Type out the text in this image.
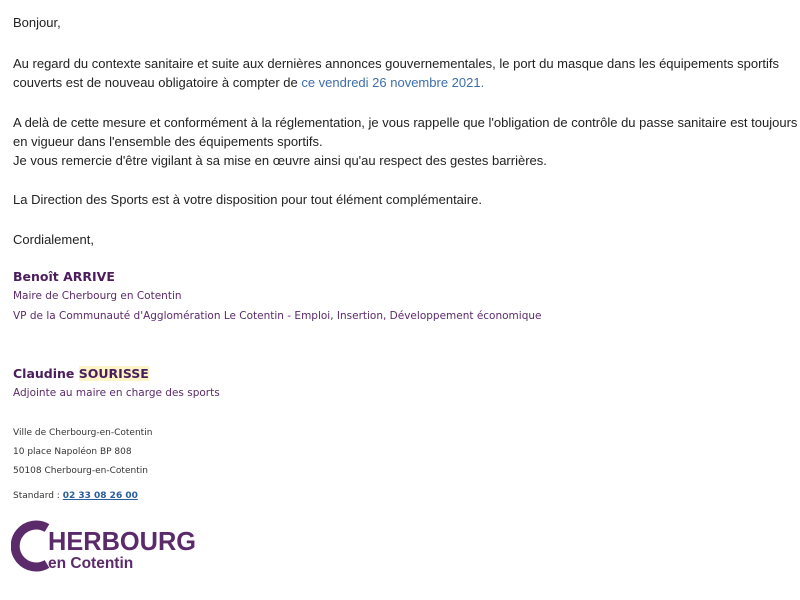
Bonjour,

Au regard du contexte sanitaire et suite aux dernières annonces gouvernementales, le port du masque dans les équipements sportifs

couverts est de nouveau obligatoire à compter de ce vendredi 26 novembre 2021.

A delà de cette mesure et conformément à la réglementation, je vous rappelle que l'obligation de contrôle du passe sanitaire est toujours

en vigueur dans l'ensemble des équipements sportifs.

Je vous remercie d'être vigilant à sa mise en œuvre ainsi qu'au respect des gestes barrières.

La Direction des Sports est à votre disposition pour tout élément complémentaire.

Cordialement,

Benoît ARRIVE
Maire de Cherbourg en Cotentin
VP de la Communauté d'Agglomération Le Cotentin - Emploi, Insertion, Développement économique
Claudine SOURISSE
Adjointe au maire en charge des sports
Ville de Cherbourg-en-Cotentin
10 place Napoléon BP 808
50108 Cherbourg-en-Cotentin
Standard : 02 33 08 26 00
HERBOURG
en Cotentin
